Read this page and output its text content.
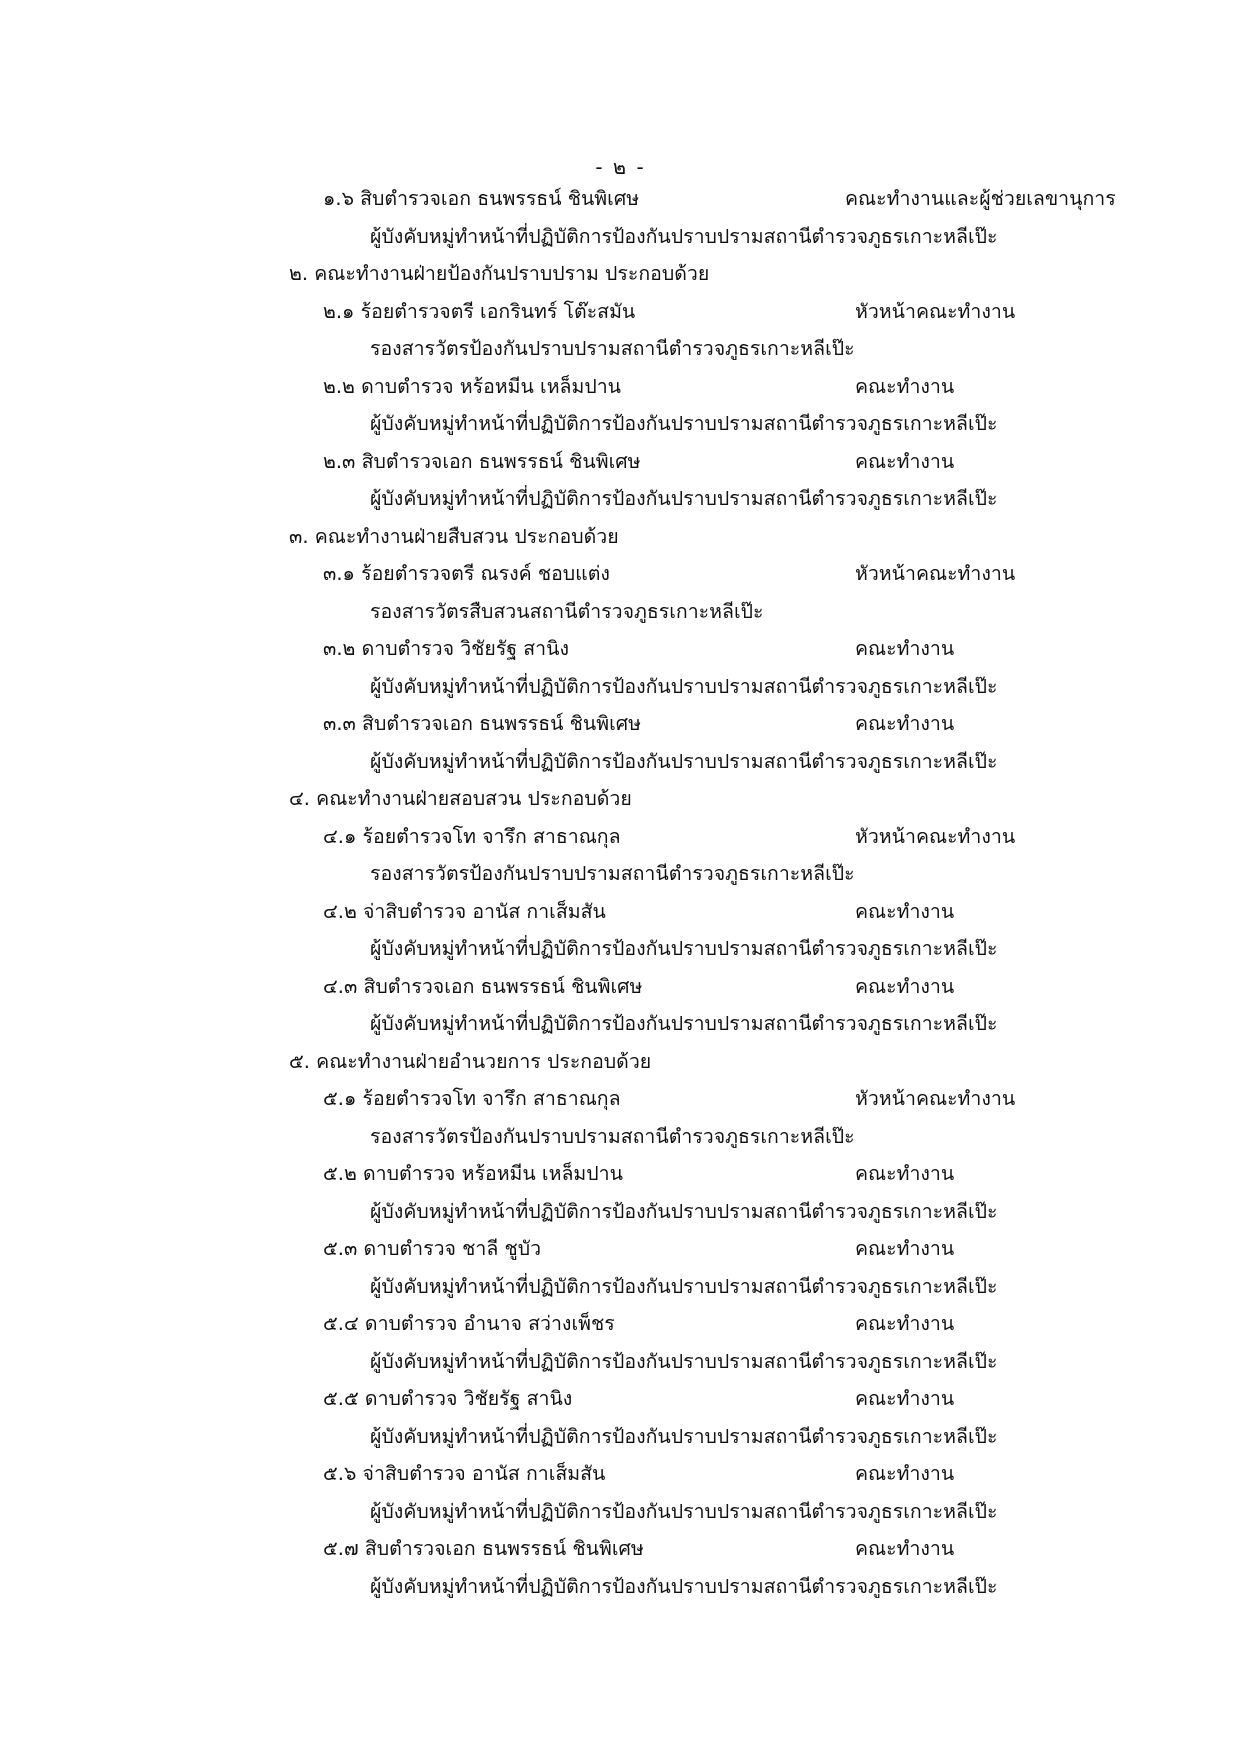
- ๒ -
๑.๖ สิบตำรวจเอก ธนพรรธน์ ชินพิเศษ	คณะทำงานและผู้ช่วยเลขานุการ
ผู้บังคับหมู่ทำหน้าที่ปฏิบัติการป้องกันปราบปรามสถานีตำรวจภูธรเกาะหลีเป๊ะ
๒. คณะทำงานฝ่ายป้องกันปราบปราม ประกอบด้วย
๒.๑ ร้อยตำรวจตรี เอกรินทร์ โต๊ะสมัน	หัวหน้าคณะทำงาน
รองสารวัตรป้องกันปราบปรามสถานีตำรวจภูธรเกาะหลีเป๊ะ
๒.๒ ดาบตำรวจ หร้อหมีน เหล็มปาน	คณะทำงาน
ผู้บังคับหมู่ทำหน้าที่ปฏิบัติการป้องกันปราบปรามสถานีตำรวจภูธรเกาะหลีเป๊ะ
๒.๓ สิบตำรวจเอก ธนพรรธน์ ชินพิเศษ	คณะทำงาน
ผู้บังคับหมู่ทำหน้าที่ปฏิบัติการป้องกันปราบปรามสถานีตำรวจภูธรเกาะหลีเป๊ะ
๓. คณะทำงานฝ่ายสืบสวน ประกอบด้วย
๓.๑ ร้อยตำรวจตรี ณรงค์ ชอบแต่ง	หัวหน้าคณะทำงาน
รองสารวัตรสืบสวนสถานีตำรวจภูธรเกาะหลีเป๊ะ
๓.๒ ดาบตำรวจ วิชัยรัฐ สานิง	คณะทำงาน
ผู้บังคับหมู่ทำหน้าที่ปฏิบัติการป้องกันปราบปรามสถานีตำรวจภูธรเกาะหลีเป๊ะ
๓.๓ สิบตำรวจเอก ธนพรรธน์ ชินพิเศษ	คณะทำงาน
ผู้บังคับหมู่ทำหน้าที่ปฏิบัติการป้องกันปราบปรามสถานีตำรวจภูธรเกาะหลีเป๊ะ
๔. คณะทำงานฝ่ายสอบสวน ประกอบด้วย
๔.๑ ร้อยตำรวจโท จารึก สาธาณกุล	หัวหน้าคณะทำงาน
รองสารวัตรป้องกันปราบปรามสถานีตำรวจภูธรเกาะหลีเป๊ะ
๔.๒ จ่าสิบตำรวจ อานัส กาเส็มสัน	คณะทำงาน
ผู้บังคับหมู่ทำหน้าที่ปฏิบัติการป้องกันปราบปรามสถานีตำรวจภูธรเกาะหลีเป๊ะ
๔.๓ สิบตำรวจเอก ธนพรรธน์ ชินพิเศษ	คณะทำงาน
ผู้บังคับหมู่ทำหน้าที่ปฏิบัติการป้องกันปราบปรามสถานีตำรวจภูธรเกาะหลีเป๊ะ
๕. คณะทำงานฝ่ายอำนวยการ ประกอบด้วย
๕.๑ ร้อยตำรวจโท จารึก สาธาณกุล	หัวหน้าคณะทำงาน
รองสารวัตรป้องกันปราบปรามสถานีตำรวจภูธรเกาะหลีเป๊ะ
๕.๒ ดาบตำรวจ หร้อหมีน เหล็มปาน	คณะทำงาน
ผู้บังคับหมู่ทำหน้าที่ปฏิบัติการป้องกันปราบปรามสถานีตำรวจภูธรเกาะหลีเป๊ะ
๕.๓ ดาบตำรวจ ชาลี ชูบัว	คณะทำงาน
ผู้บังคับหมู่ทำหน้าที่ปฏิบัติการป้องกันปราบปรามสถานีตำรวจภูธรเกาะหลีเป๊ะ
๕.๔ ดาบตำรวจ อำนาจ สว่างเพ็ชร	คณะทำงาน
ผู้บังคับหมู่ทำหน้าที่ปฏิบัติการป้องกันปราบปรามสถานีตำรวจภูธรเกาะหลีเป๊ะ
๕.๕ ดาบตำรวจ วิชัยรัฐ สานิง	คณะทำงาน
ผู้บังคับหมู่ทำหน้าที่ปฏิบัติการป้องกันปราบปรามสถานีตำรวจภูธรเกาะหลีเป๊ะ
๕.๖ จ่าสิบตำรวจ อานัส กาเส็มสัน	คณะทำงาน
ผู้บังคับหมู่ทำหน้าที่ปฏิบัติการป้องกันปราบปรามสถานีตำรวจภูธรเกาะหลีเป๊ะ
๕.๗ สิบตำรวจเอก ธนพรรธน์ ชินพิเศษ	คณะทำงาน
ผู้บังคับหมู่ทำหน้าที่ปฏิบัติการป้องกันปราบปรามสถานีตำรวจภูธรเกาะหลีเป๊ะ
